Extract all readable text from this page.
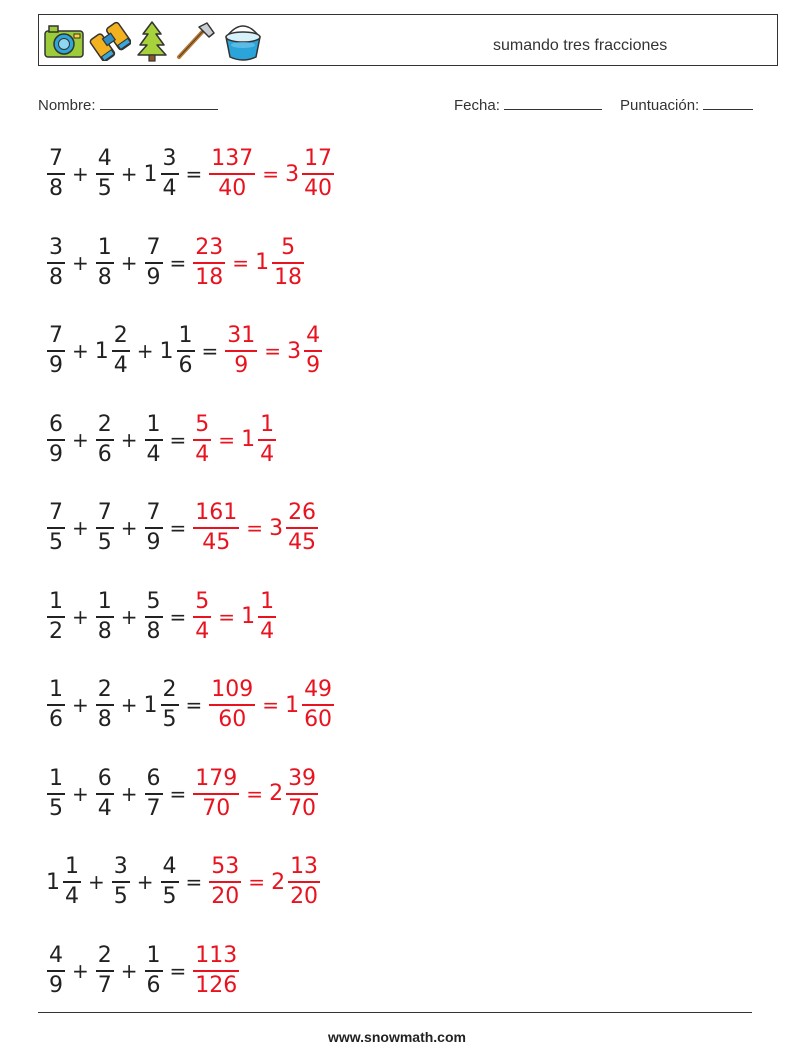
sumando tres fracciones
Nombre:	Fecha:	Puntuación:
$\frac{7}{8} + \frac{4}{5} + 1 \frac{3}{4} = \frac{137}{40} = 3 \frac{17}{40}$
$\frac{3}{8} + \frac{1}{8} + \frac{7}{9} = \frac{23}{18} = 1 \frac{5}{18}$
$\frac{7}{9} + 1 \frac{2}{4} + 1 \frac{1}{6} = \frac{31}{9} = 3 \frac{4}{9}$
$\frac{6}{9} + \frac{2}{6} + \frac{1}{4} = \frac{5}{4} = 1 \frac{1}{4}$
$\frac{7}{5} + \frac{7}{5} + \frac{7}{9} = \frac{161}{45} = 3 \frac{26}{45}$
$\frac{1}{2} + \frac{1}{8} + \frac{5}{8} = \frac{5}{4} = 1 \frac{1}{4}$
$\frac{1}{6} + \frac{2}{8} + 1 \frac{2}{5} = \frac{109}{60} = 1 \frac{49}{60}$
$\frac{1}{5} + \frac{6}{4} + \frac{6}{7} = \frac{179}{70} = 2 \frac{39}{70}$
$1 \frac{1}{4} + \frac{3}{5} + \frac{4}{5} = \frac{53}{20} = 2 \frac{13}{20}$
$\frac{4}{9} + \frac{2}{7} + \frac{1}{6} = \frac{113}{126}$
www.snowmath.com
